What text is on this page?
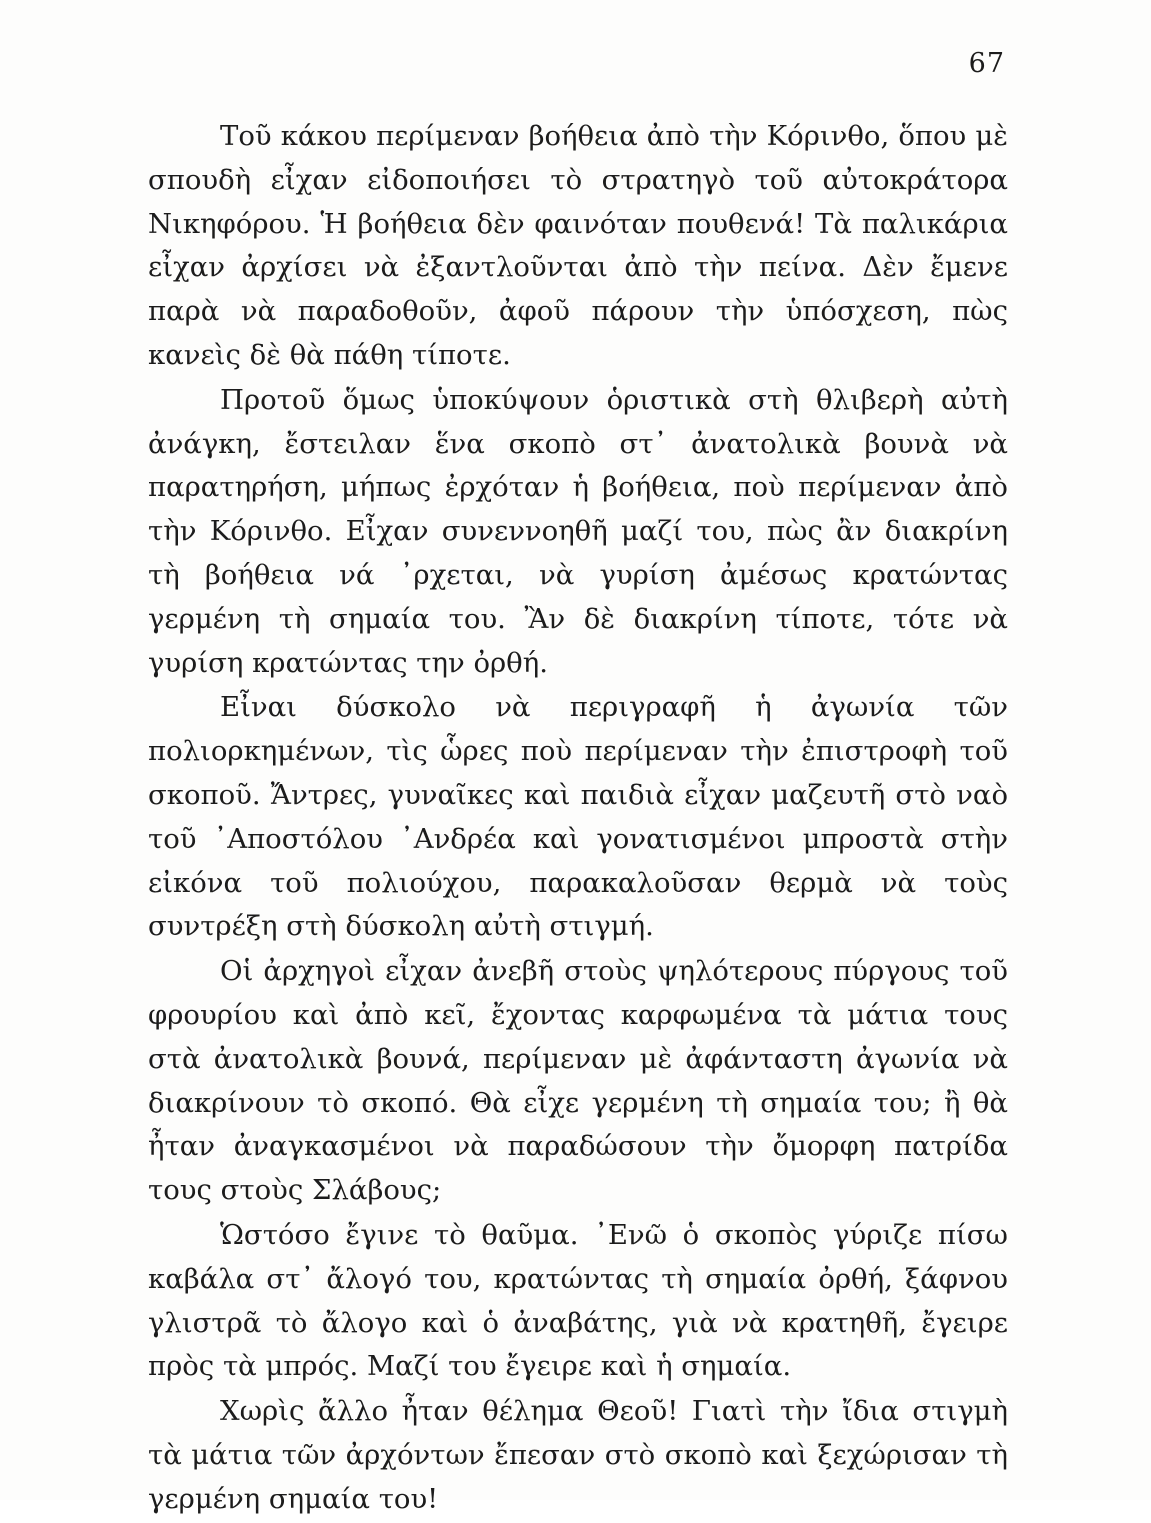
67

Τοῦ κάκου περίμεναν βοήθεια ἀπὸ τὴν Κόρινθο, ὅπου μὲ σπουδὴ εἶχαν εἰδοποιήσει τὸ στρατηγὸ τοῦ αὐτοκράτορα Νικηφόρου. Ἡ βοήθεια δὲν φαινόταν πουθενά! Τὰ παλικάρια εἶχαν ἀρχίσει νὰ ἐξαντλοῦνται ἀπὸ τὴν πείνα. Δὲν ἔμενε παρὰ νὰ παραδοθοῦν, ἀφοῦ πάρουν τὴν ὑπόσχεση, πὼς κανεὶς δὲ θὰ πάθη τίποτε.

Προτοῦ ὅμως ὑποκύψουν ὁριστικὰ στὴ θλιβερὴ αὐτὴ ἀνάγκη, ἔστειλαν ἕνα σκοπὸ στ᾿ ἀνατολικὰ βουνὰ νὰ παρατηρήση, μήπως ἐρχόταν ἡ βοήθεια, ποὺ περίμεναν ἀπὸ τὴν Κόρινθο. Εἶχαν συνεννοηθῆ μαζί του, πὼς ἂν διακρίνη τὴ βοήθεια νά ᾿ρχεται, νὰ γυρίση ἀμέσως κρατώντας γερμένη τὴ σημαία του. Ἂν δὲ διακρίνη τίποτε, τότε νὰ γυρίση κρατώντας την ὀρθή.

Εἶναι δύσκολο νὰ περιγραφῆ ἡ ἀγωνία τῶν πολιορκημένων, τὶς ὧρες ποὺ περίμεναν τὴν ἐπιστροφὴ τοῦ σκοποῦ. Ἄντρες, γυναῖκες καὶ παιδιὰ εἶχαν μαζευτῆ στὸ ναὸ τοῦ ᾿Αποστόλου ᾿Ανδρέα καὶ γονατισμένοι μπροστὰ στὴν εἰκόνα τοῦ πολιούχου, παρακαλοῦσαν θερμὰ νὰ τοὺς συντρέξη στὴ δύσκολη αὐτὴ στιγμή.

Οἱ ἀρχηγοὶ εἶχαν ἀνεβῆ στοὺς ψηλότερους πύργους τοῦ φρουρίου καὶ ἀπὸ κεῖ, ἔχοντας καρφωμένα τὰ μάτια τους στὰ ἀνατολικὰ βουνά, περίμεναν μὲ ἀφάνταστη ἀγωνία νὰ διακρίνουν τὸ σκοπό. Θὰ εἶχε γερμένη τὴ σημαία του; ἢ θὰ ἦταν ἀναγκασμένοι νὰ παραδώσουν τὴν ὄμορφη πατρίδα τους στοὺς Σλάβους;

Ὡστόσο ἔγινε τὸ θαῦμα. ᾿Ενῶ ὁ σκοπὸς γύριζε πίσω καβάλα στ᾿ ἄλογό του, κρατώντας τὴ σημαία ὀρθή, ξάφνου γλιστρᾶ τὸ ἄλογο καὶ ὁ ἀναβάτης, γιὰ νὰ κρατηθῆ, ἔγειρε πρὸς τὰ μπρός. Μαζί του ἔγειρε καὶ ἡ σημαία.

Χωρὶς ἄλλο ἦταν θέλημα Θεοῦ! Γιατὶ τὴν ἴδια στιγμὴ τὰ μάτια τῶν ἀρχόντων ἔπεσαν στὸ σκοπὸ καὶ ξεχώρισαν τὴ γερμένη σημαία του!
